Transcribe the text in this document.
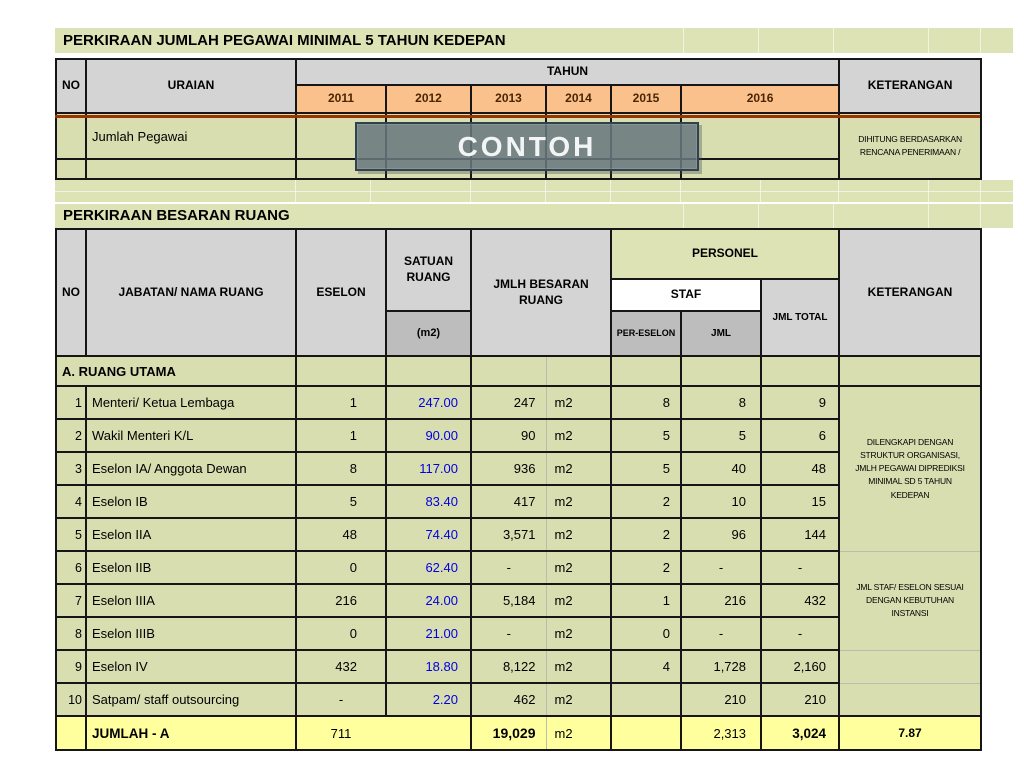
PERKIRAAN JUMLAH PEGAWAI MINIMAL 5 TAHUN KEDEPAN
NO	URAIAN	TAHUN						KETERANGAN
		2011	2012	2013	2014	2015	2016	
	Jumlah Pegawai							DIHITUNG BERDASARKAN RENCANA PENERIMAAN /

CONTOH
PERKIRAAN BESARAN RUANG
NO	JABATAN/ NAMA RUANG	ESELON	SATUAN RUANG	JMLH BESARAN RUANG		PERSONEL			KETERANGAN
						STAF		JML TOTAL	
			(m2)			PER-ESELON	JML		
A. RUANG UTAMA									
1	Menteri/ Ketua Lembaga	1	247.00	247	m2	8	8	9	DILENGKAPI DENGAN STRUKTUR ORGANISASI, JMLH PEGAWAI DIPREDIKSI MINIMAL SD 5 TAHUN KEDEPAN
2	Wakil Menteri K/L	1	90.00	90	m2	5	5	6	
3	Eselon IA/ Anggota Dewan	8	117.00	936	m2	5	40	48	
4	Eselon IB	5	83.40	417	m2	2	10	15	
5	Eselon IIA	48	74.40	3,571	m2	2	96	144	
6	Eselon IIB	0	62.40	-	m2	2	-	-	JML STAF/ ESELON SESUAI DENGAN KEBUTUHAN INSTANSI
7	Eselon IIIA	216	24.00	5,184	m2	1	216	432	
8	Eselon IIIB	0	21.00	-	m2	0	-	-	
9	Eselon IV	432	18.80	8,122	m2	4	1,728	2,160	
10	Satpam/ staff outsourcing	-	2.20	462	m2		210	210	
	JUMLAH - A	711		19,029	m2		2,313	3,024	7.87
